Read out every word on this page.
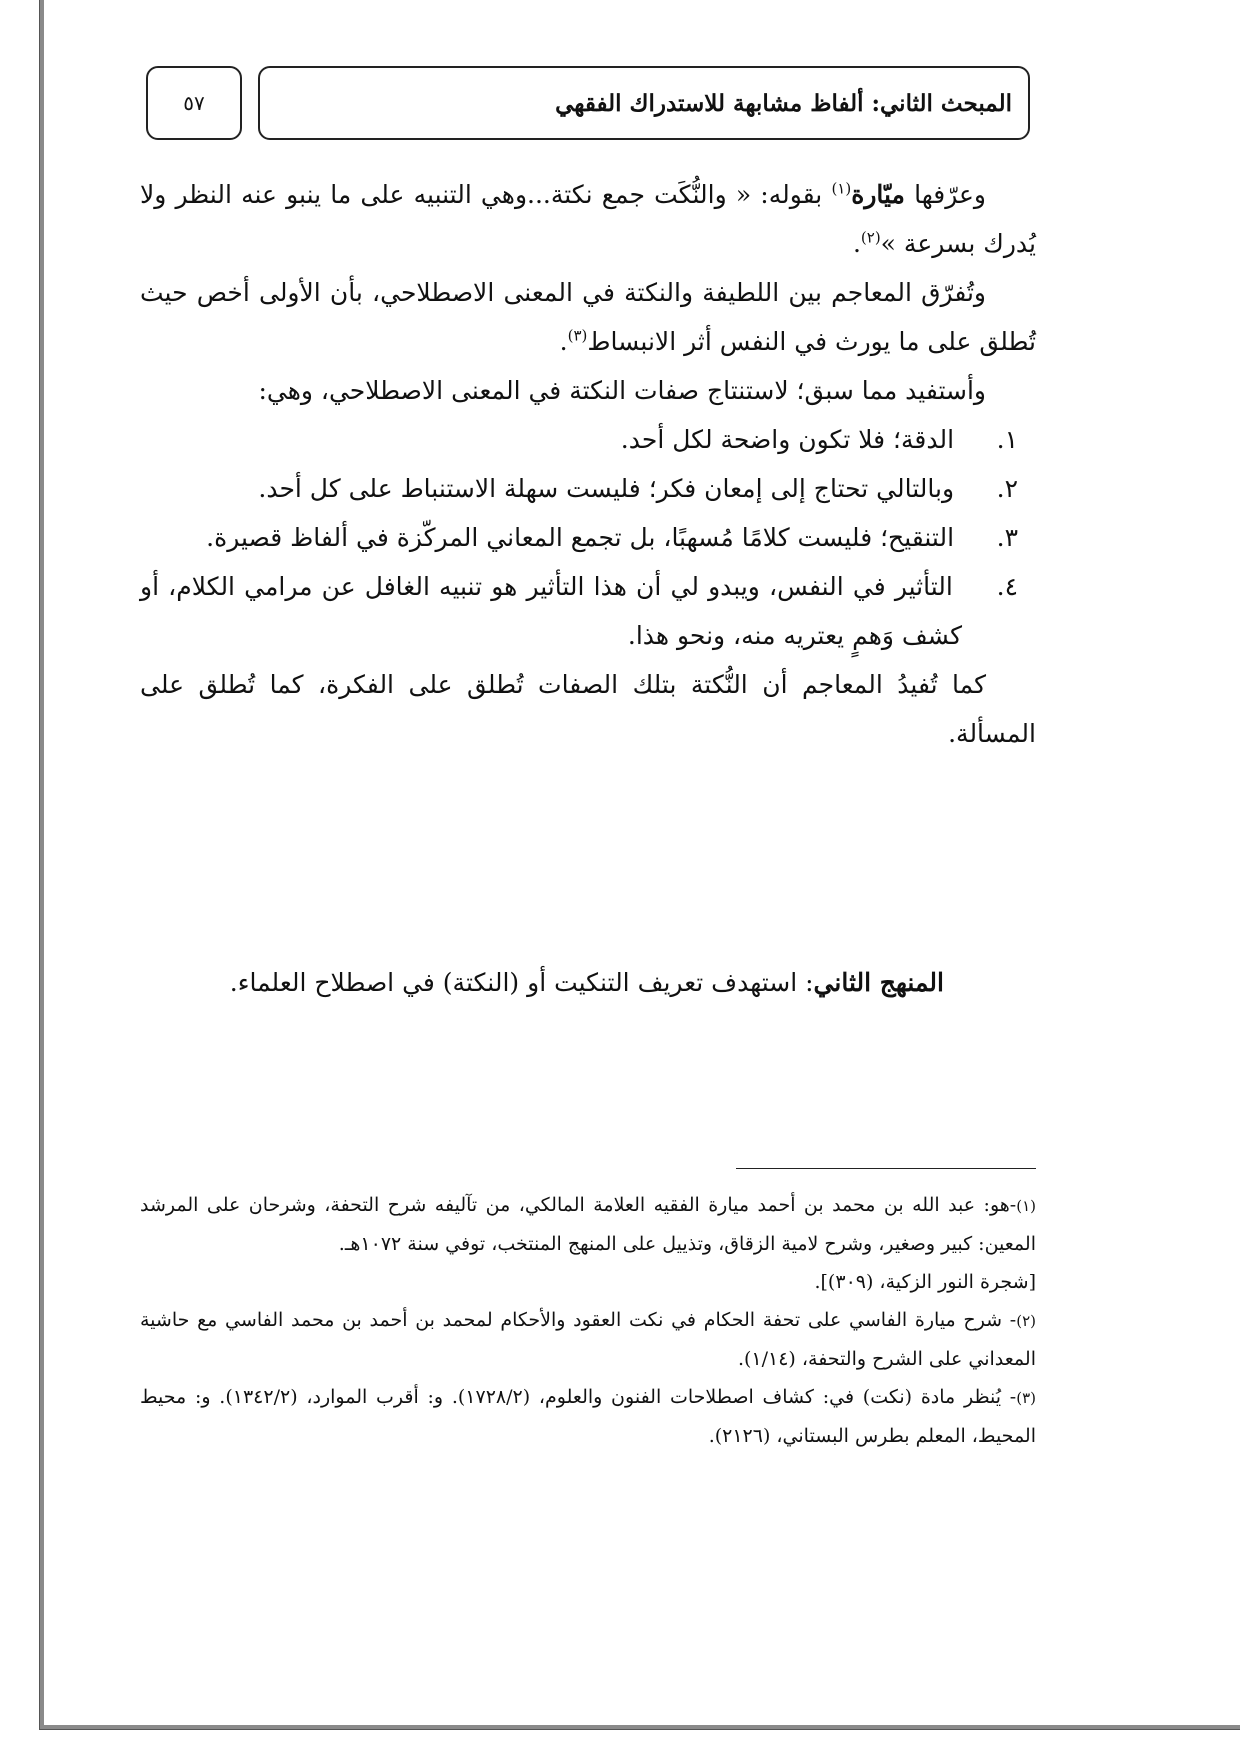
المبحث الثاني: ألفاظ مشابهة للاستدراك الفقهي
٥٧

وعرّفها ميّارة$^{(١)}$ بقوله: « والنُّكَت جمع نكتة...وهي التنبيه على ما ينبو عنه النظر ولا يُدرك بسرعة »$^{(٢)}$.

وتُفرّق المعاجم بين اللطيفة والنكتة في المعنى الاصطلاحي، بأن الأولى أخص حيث تُطلق على ما يورث في النفس أثر الانبساط$^{(٣)}$.

وأستفيد مما سبق؛ لاستنتاج صفات النكتة في المعنى الاصطلاحي، وهي:

١. الدقة؛ فلا تكون واضحة لكل أحد.

٢. وبالتالي تحتاج إلى إمعان فكر؛ فليست سهلة الاستنباط على كل أحد.

٣. التنقيح؛ فليست كلامًا مُسهبًا، بل تجمع المعاني المركّزة في ألفاظ قصيرة.

٤. التأثير في النفس، ويبدو لي أن هذا التأثير هو تنبيه الغافل عن مرامي الكلام، أو كشف وَهمٍ يعتريه منه، ونحو هذا.

كما تُفيدُ المعاجم أن النُّكتة بتلك الصفات تُطلق على الفكرة، كما تُطلق على المسألة.

المنهج الثاني: استهدف تعريف التنكيت أو (النكتة) في اصطلاح العلماء.

(١)-هو: عبد الله بن محمد بن أحمد ميارة الفقيه العلامة المالكي، من تآليفه شرح التحفة، وشرحان على المرشد المعين: كبير وصغير، وشرح لامية الزقاق، وتذييل على المنهج المنتخب، توفي سنة ١٠٧٢هـ.

[شجرة النور الزكية، (٣٠٩)].

(٢)- شرح ميارة الفاسي على تحفة الحكام في نكت العقود والأحكام لمحمد بن أحمد بن محمد الفاسي مع حاشية المعداني على الشرح والتحفة، (١/١٤).

(٣)- يُنظر مادة (نكت) في: كشاف اصطلاحات الفنون والعلوم، (١٧٢٨/٢). و: أقرب الموارد، (١٣٤٢/٢). و: محيط المحيط، المعلم بطرس البستاني، (٢١٢٦).
